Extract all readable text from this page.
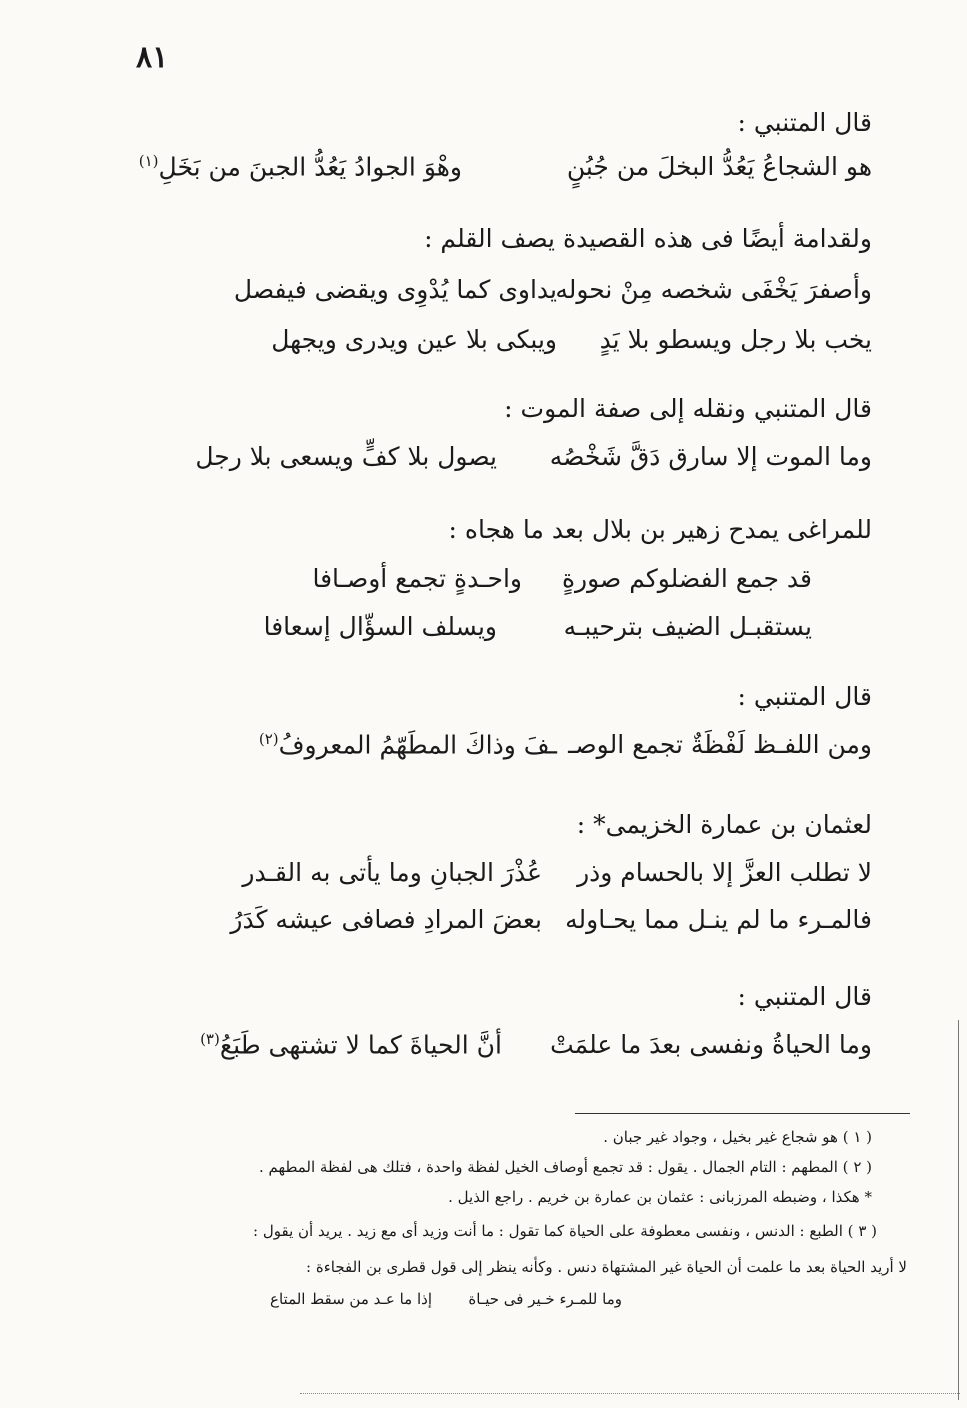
٨١
قال المتنبي :
هو الشجاعُ يَعُدُّ البخلَ من جُبُنٍ
وهْوَ الجوادُ يَعُدُّ الجبنَ من بَخَلِ$^{(١)}$
ولقدامة أيضًا فى هذه القصيدة يصف القلم :
وأصفرَ يَخْفَى شخصه مِنْ نحوله
يداوى كما يُدْوِى ويقضى فيفصل
يخب بلا رجل ويسطو بلا يَدٍ
ويبكى بلا عين ويدرى ويجهل
قال المتنبي ونقله إلى صفة الموت :
وما الموت إلا سارق دَقَّ شَخْصُه
يصول بلا كفٍّ ويسعى بلا رجل
للمراغى يمدح زهير بن بلال بعد ما هجاه :
قد جمع الفضلوكم صورةٍ
واحـدةٍ تجمع أوصـافا
يستقبـل الضيف بترحيبـه
ويسلف السؤّال إسعافا
قال المتنبي :
ومن اللفـظ لَفْظَةٌ تجمع الوصـ
ـفَ وذاكَ المطَهّمُ المعروفُ$^{(٢)}$
لعثمان بن عمارة الخزيمى* :
لا تطلب العزَّ إلا بالحسام وذر
عُذْرَ الجبانِ وما يأتى به القـدر
فالمـرء ما لم ينـل مما يحـاوله
بعضَ المرادِ فصافى عيشه كَدَرُ
قال المتنبي :
وما الحياةُ ونفسى بعدَ ما علمَتْ
أنَّ الحياةَ كما لا تشتهى طَبَعُ$^{(٣)}$
( ١ ) هو شجاع غير بخيل ، وجواد غير جبان .
( ٢ ) المطهم : التام الجمال . يقول : قد تجمع أوصاف الخيل لفظة واحدة ، فتلك هى لفظة المطهم .
* هكذا ، وضبطه المرزبانى : عثمان بن عمارة بن خريم . راجع الذيل .
( ٣ ) الطبع : الدنس ، ونفسى معطوفة على الحياة كما تقول : ما أنت وزيد أى مع زيد . يريد أن يقول :
لا أريد الحياة بعد ما علمت أن الحياة غير المشتهاة دنس . وكأنه ينظر إلى قول قطرى بن الفجاءة :
وما للمـرء خـير فى حيـاة
إذا ما عـد من سقط المتاع
